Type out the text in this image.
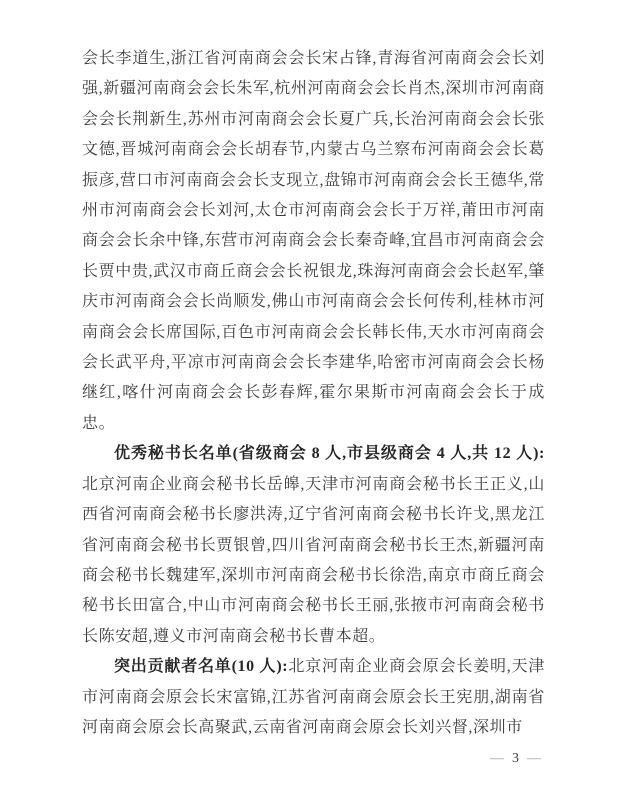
会长李道生,浙江省河南商会会长宋占锋,青海省河南商会会长刘强,新疆河南商会会长朱军,杭州河南商会会长肖杰,深圳市河南商会会长荆新生,苏州市河南商会会长夏广兵,长治河南商会会长张文德,晋城河南商会会长胡春节,内蒙古乌兰察布河南商会会长葛振彦,营口市河南商会会长支现立,盘锦市河南商会会长王德华,常州市河南商会会长刘河,太仓市河南商会会长于万祥,莆田市河南商会会长余中锋,东营市河南商会会长秦奇峰,宜昌市河南商会会长贾中贵,武汉市商丘商会会长祝银龙,珠海河南商会会长赵军,肇庆市河南商会会长尚顺发,佛山市河南商会会长何传利,桂林市河南商会会长席国际,百色市河南商会会长韩长伟,天水市河南商会会长武平舟,平凉市河南商会会长李建华,哈密市河南商会会长杨继红,喀什河南商会会长彭春辉,霍尔果斯市河南商会会长于成忠。

优秀秘书长名单(省级商会 8 人,市县级商会 4 人,共 12 人):北京河南企业商会秘书长岳皞,天津市河南商会秘书长王正义,山西省河南商会秘书长廖洪涛,辽宁省河南商会秘书长许戈,黑龙江省河南商会秘书长贾银曾,四川省河南商会秘书长王杰,新疆河南商会秘书长魏建军,深圳市河南商会秘书长徐浩,南京市商丘商会秘书长田富合,中山市河南商会秘书长王丽,张掖市河南商会秘书长陈安超,遵义市河南商会秘书长曹本超。

突出贡献者名单(10 人):北京河南企业商会原会长姜明,天津市河南商会原会长宋富锦,江苏省河南商会原会长王宪朋,湖南省河南商会原会长高聚武,云南省河南商会原会长刘兴督,深圳市

— 3 —
